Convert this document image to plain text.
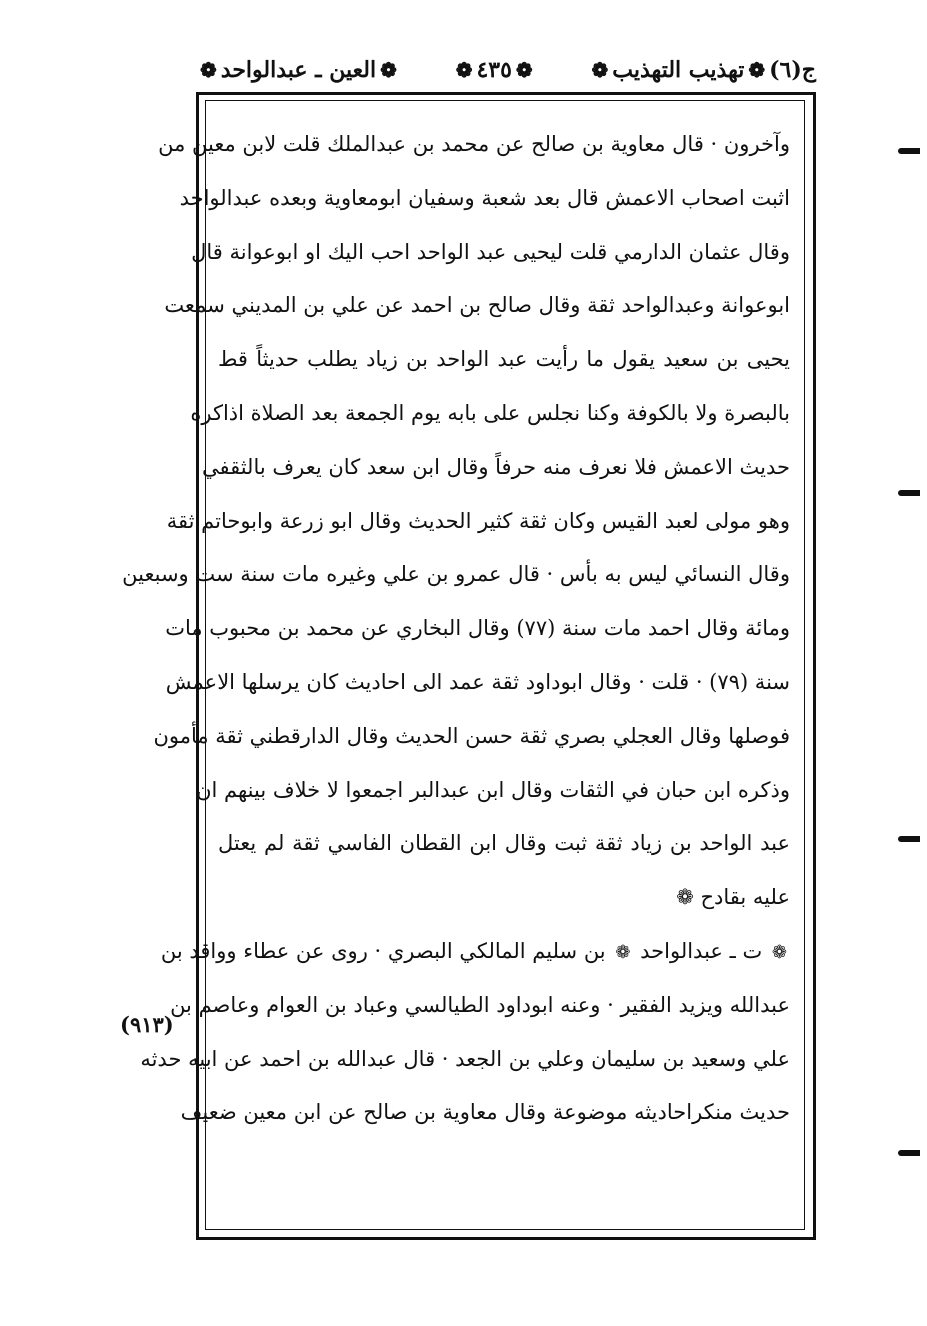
ج(٦)
❁
تهذيب التهذيب
❁
❁
٤٣٥
❁
❁
العين ـ عبدالواحد
❁
وآخرون · قال معاوية بن صالح عن محمد بن عبدالملك قلت لابن معين من
اثبت اصحاب الاعمش قال بعد شعبة وسفيان ابومعاوية وبعده عبدالواحد
وقال عثمان الدارمي قلت ليحيى عبد الواحد احب اليك او ابوعوانة قال
ابوعوانة وعبدالواحد ثقة وقال صالح بن احمد عن علي بن المديني سمعت
يحيى بن سعيد يقول ما رأيت عبد الواحد بن زياد يطلب حديثاً قط
بالبصرة ولا بالكوفة وكنا نجلس على بابه يوم الجمعة بعد الصلاة اذاكره
حديث الاعمش فلا نعرف منه حرفاً وقال ابن سعد كان يعرف بالثقفي
وهو مولى لعبد القيس وكان ثقة كثير الحديث وقال ابو زرعة وابوحاتم ثقة
وقال النسائي ليس به بأس · قال عمرو بن علي وغيره مات سنة ست وسبعين
ومائة وقال احمد مات سنة (٧٧) وقال البخاري عن محمد بن محبوب مات
سنة (٧٩) · قلت · وقال ابوداود ثقة عمد الى احاديث كان يرسلها الاعمش
فوصلها وقال العجلي بصري ثقة حسن الحديث وقال الدارقطني ثقة مأمون
وذكره ابن حبان في الثقات وقال ابن عبدالبر اجمعوا لا خلاف بينهم ان
عبد الواحد بن زياد ثقة ثبت وقال ابن القطان الفاسي ثقة لم يعتل
عليه بقادح ❁
❁ ت ـ عبدالواحد ❁ بن سليم المالكي البصري · روى عن عطاء وواقد بن
عبدالله ويزيد الفقير · وعنه ابوداود الطيالسي وعباد بن العوام وعاصم بن
علي وسعيد بن سليمان وعلي بن الجعد · قال عبدالله بن احمد عن ابيه حدثه
حديث منكراحاديثه موضوعة وقال معاوية بن صالح عن ابن معين ضعيف
(٩١٣)
